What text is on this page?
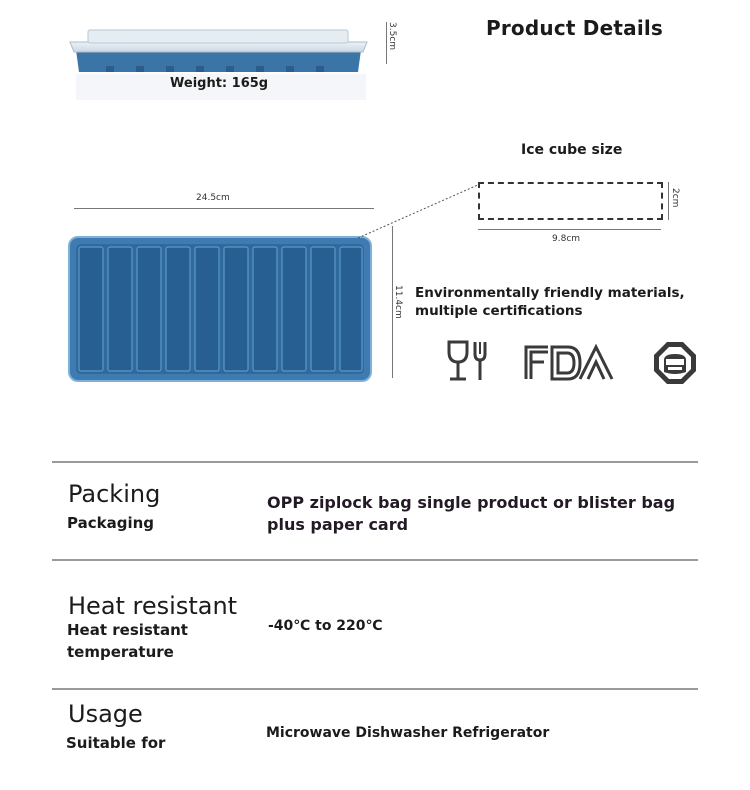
Product Details
3.5cm
Weight: 165g
24.5cm
11.4cm
Ice cube size
2cm
9.8cm
Environmentally friendly materials,
multiple certifications
Packing
Packaging
OPP ziplock bag single product or blister bag
plus paper card
Heat resistant
Heat resistant
temperature
-40℃ to 220℃
Usage
Suitable for
Microwave Dishwasher Refrigerator
